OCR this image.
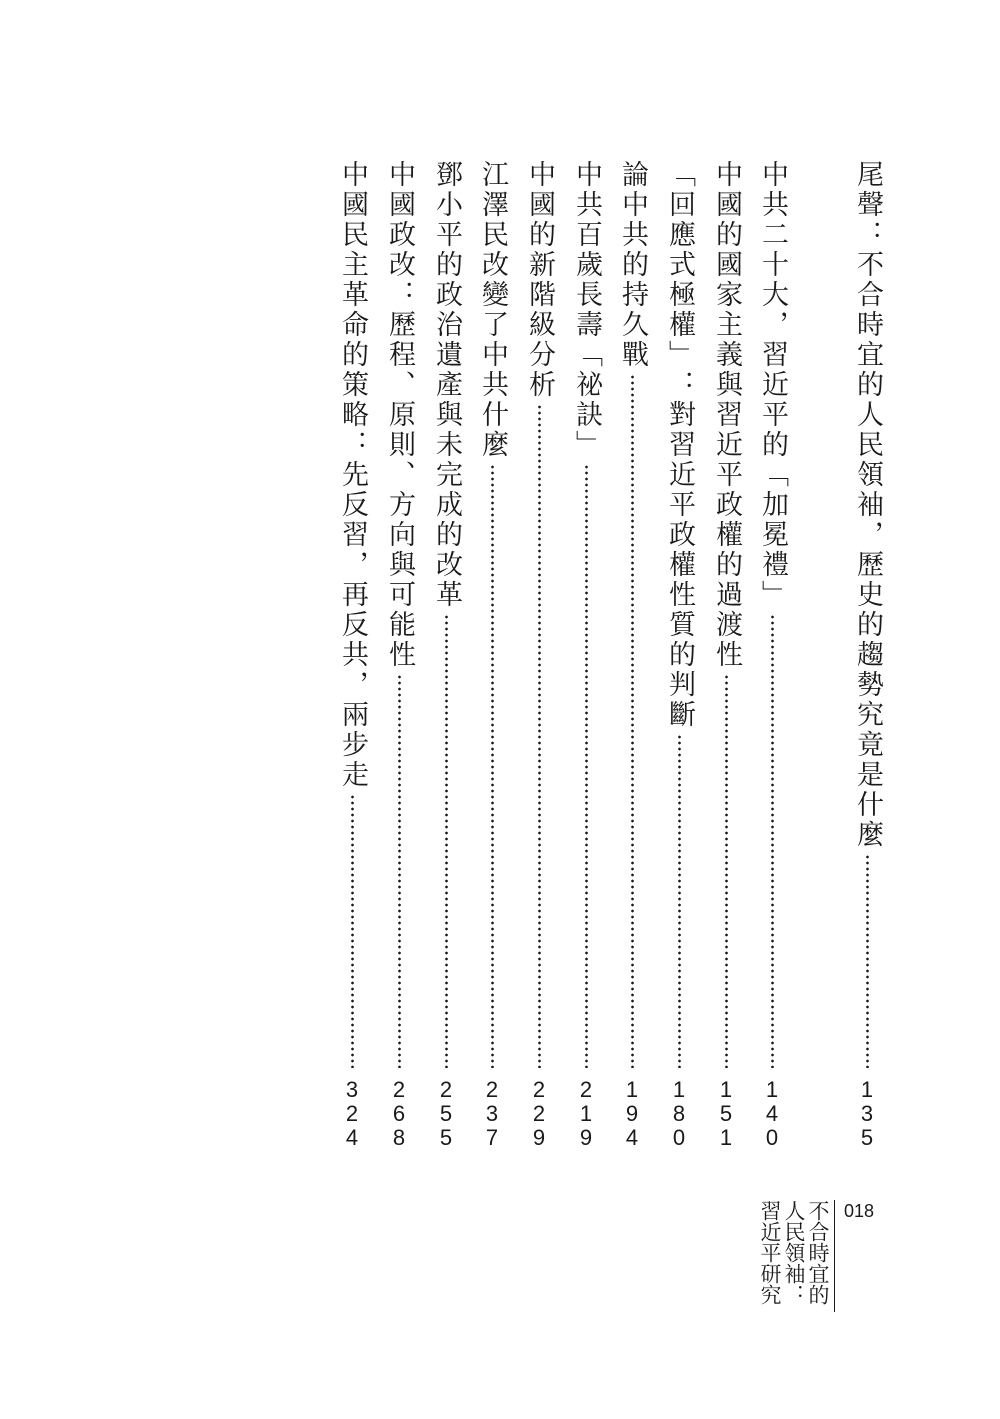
尾聲：不合時宜的人民領袖，歷史的趨勢究竟是什麼
135
中共二十大，習近平的「加冕禮」
140
中國的國家主義與習近平政權的過渡性
151
「回應式極權」：對習近平政權性質的判斷
180
論中共的持久戰
194
中共百歲長壽「祕訣」
219
中國的新階級分析
229
江澤民改變了中共什麼
237
鄧小平的政治遺產與未完成的改革
255
中國政改：歷程、原則、方向與可能性
268
中國民主革命的策略：先反習，再反共，兩步走
324
不合時宜的人民領袖：習近平研究	018
